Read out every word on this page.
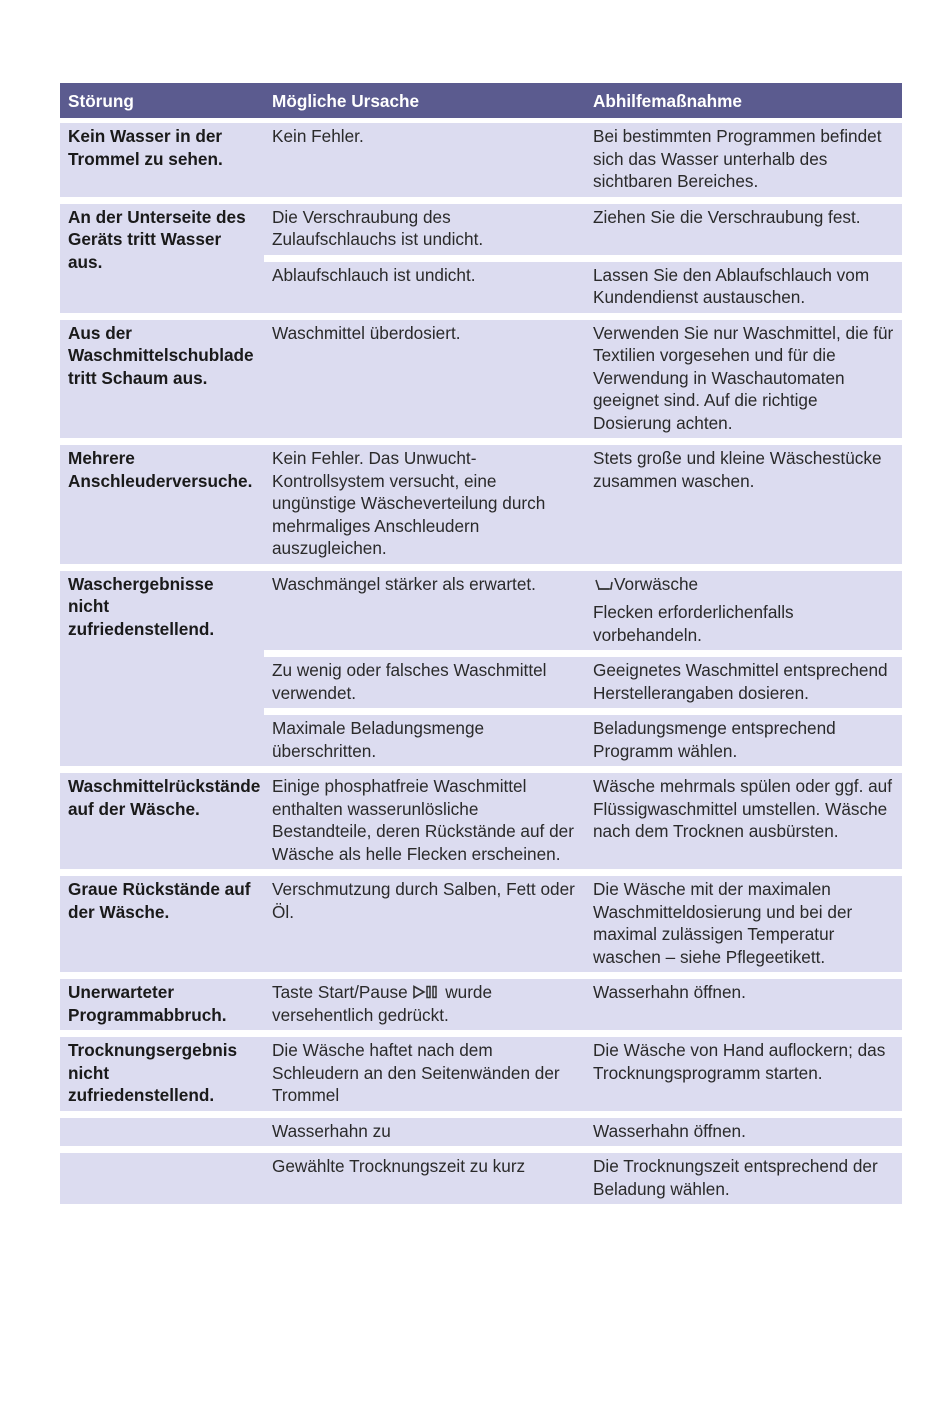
Störung	Mögliche Ursache	Abhilfemaßnahme
Kein Wasser in der Trommel zu sehen.	Kein Fehler.	Bei bestimmten Programmen befindet sich das Wasser unterhalb des sichtbaren Bereiches.
An der Unterseite des Geräts tritt Wasser aus.	Die Verschraubung des Zulaufschlauchs ist undicht.	Ziehen Sie die Verschraubung fest.
	Ablaufschlauch ist undicht.	Lassen Sie den Ablaufschlauch vom Kundendienst austauschen.
Aus der Waschmittelschublade tritt Schaum aus.	Waschmittel überdosiert.	Verwenden Sie nur Waschmittel, die für Textilien vorgesehen und für die Verwendung in Waschautomaten geeignet sind. Auf die richtige Dosierung achten.
Mehrere Anschleuderversuche.	Kein Fehler. Das Unwucht-Kontrollsystem versucht, eine ungünstige Wäscheverteilung durch mehrmaliges Anschleudern auszugleichen.	Stets große und kleine Wäschestücke zusammen waschen.
Waschergebnisse nicht zufriedenstellend.	Waschmängel stärker als erwartet.	Vorwäsche
Flecken erforderlichenfalls vorbehandeln.

	Zu wenig oder falsches Waschmittel verwendet.	Geeignetes Waschmittel entsprechend Herstellerangaben dosieren.
	Maximale Beladungsmenge überschritten.	Beladungsmenge entsprechend Programm wählen.
Waschmittelrückstände auf der Wäsche.	Einige phosphatfreie Waschmittel enthalten wasserunlösliche Bestandteile, deren Rückstände auf der Wäsche als helle Flecken erscheinen.	Wäsche mehrmals spülen oder ggf. auf Flüssigwaschmittel umstellen. Wäsche nach dem Trocknen ausbürsten.
Graue Rückstände auf der Wäsche.	Verschmutzung durch Salben, Fett oder Öl.	Die Wäsche mit der maximalen Waschmitteldosierung und bei der maximal zulässigen Temperatur waschen – siehe Pflegeetikett.
Unerwarteter Programmabbruch.	Taste Start/Pause wurde versehentlich gedrückt.	Wasserhahn öffnen.
Trocknungsergebnis nicht zufriedenstellend.	Die Wäsche haftet nach dem Schleudern an den Seitenwänden der Trommel	Die Wäsche von Hand auflockern; das Trocknungsprogramm starten.
	Wasserhahn zu	Wasserhahn öffnen.
	Gewählte Trocknungszeit zu kurz	Die Trocknungszeit entsprechend der Beladung wählen.
